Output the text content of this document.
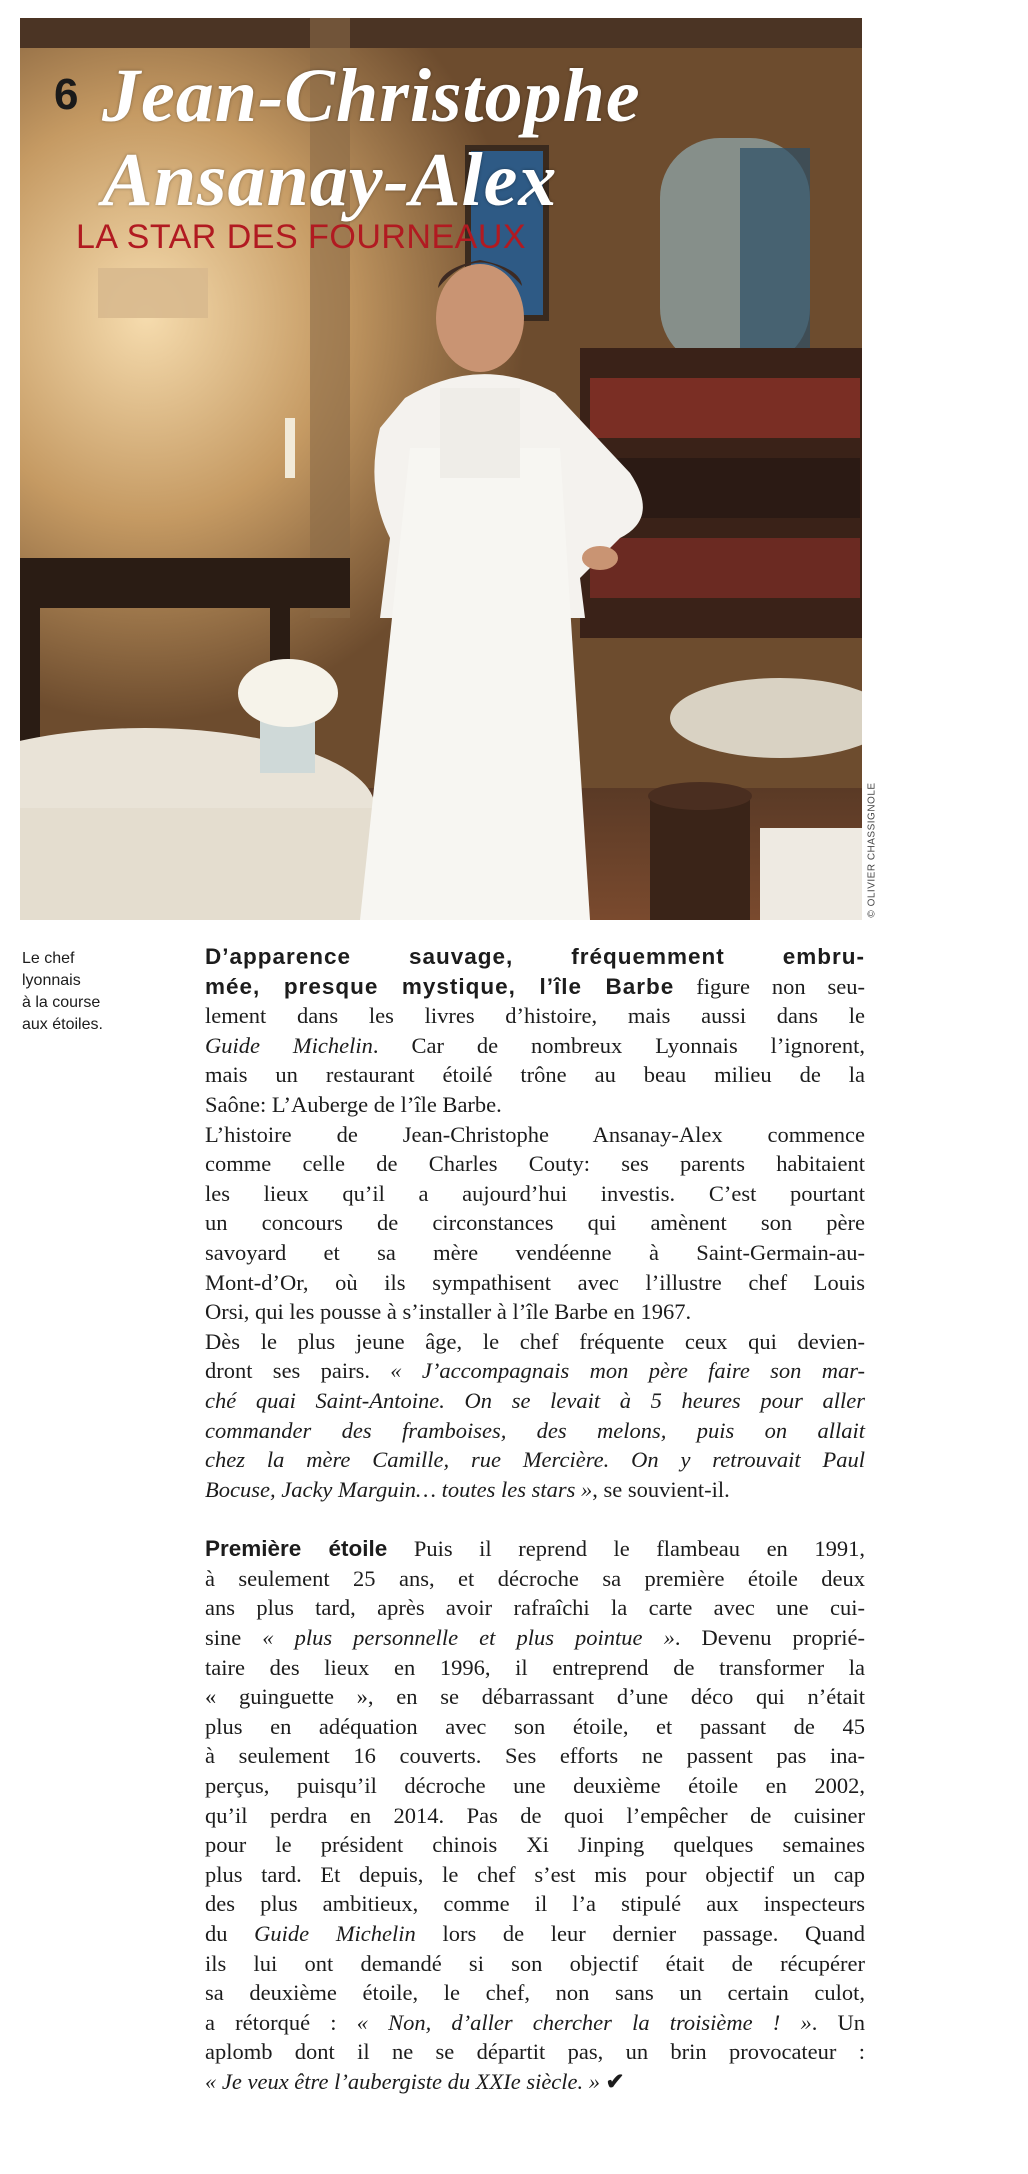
6 Jean-Christophe
Ansanay-Alex
LA STAR DES FOURNEAUX
© OLIVIER CHASSIGNOLE
Le chef
lyonnais
à la course
aux étoiles.
D’apparence sauvage, fréquemment embru-
mée, presque mystique, l’île Barbe figure non seu-
lement dans les livres d’histoire, mais aussi dans le
Guide Michelin. Car de nombreux Lyonnais l’ignorent,
mais un restaurant étoilé trône au beau milieu de la
Saône: L’Auberge de l’île Barbe.
L’histoire de Jean-Christophe Ansanay-Alex commence
comme celle de Charles Couty: ses parents habitaient
les lieux qu’il a aujourd’hui investis. C’est pourtant
un concours de circonstances qui amènent son père
savoyard et sa mère vendéenne à Saint-Germain-au-
Mont-d’Or, où ils sympathisent avec l’illustre chef Louis
Orsi, qui les pousse à s’installer à l’île Barbe en 1967.
Dès le plus jeune âge, le chef fréquente ceux qui devien-
dront ses pairs. « J’accompagnais mon père faire son mar-
ché quai Saint-Antoine. On se levait à 5 heures pour aller
commander des framboises, des melons, puis on allait
chez la mère Camille, rue Mercière. On y retrouvait Paul
Bocuse, Jacky Marguin… toutes les stars », se souvient-il.
Première étoile Puis il reprend le flambeau en 1991,
à seulement 25 ans, et décroche sa première étoile deux
ans plus tard, après avoir rafraîchi la carte avec une cui-
sine « plus personnelle et plus pointue ». Devenu proprié-
taire des lieux en 1996, il entreprend de transformer la
« guinguette », en se débarrassant d’une déco qui n’était
plus en adéquation avec son étoile, et passant de 45
à seulement 16 couverts. Ses efforts ne passent pas ina-
perçus, puisqu’il décroche une deuxième étoile en 2002,
qu’il perdra en 2014. Pas de quoi l’empêcher de cuisiner
pour le président chinois Xi Jinping quelques semaines
plus tard. Et depuis, le chef s’est mis pour objectif un cap
des plus ambitieux, comme il l’a stipulé aux inspecteurs
du Guide Michelin lors de leur dernier passage. Quand
ils lui ont demandé si son objectif était de récupérer
sa deuxième étoile, le chef, non sans un certain culot,
a rétorqué : « Non, d’aller chercher la troisième ! ». Un
aplomb dont il ne se départit pas, un brin provocateur :
« Je veux être l’aubergiste du XXIe siècle. » ✔
